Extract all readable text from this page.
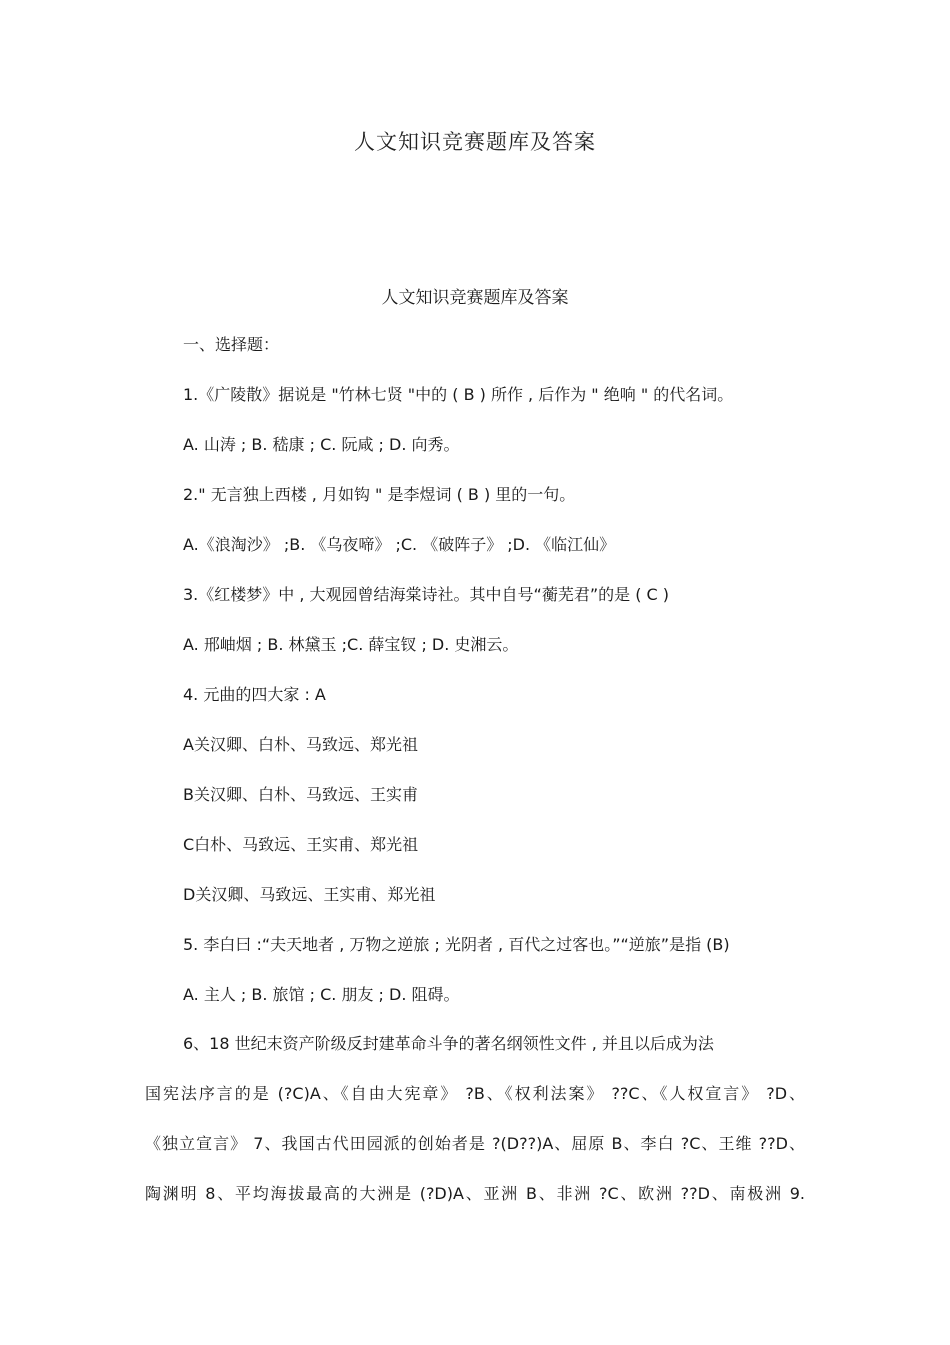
人文知识竞赛题库及答案
人文知识竞赛题库及答案
一、选择题：
1.《广陵散》据说是 "竹林七贤 "中的 ( B ) 所作 , 后作为 " 绝响 " 的代名词。
A. 山涛 ; B. 嵇康 ; C. 阮咸 ; D. 向秀。
2." 无言独上西楼 , 月如钩 " 是李煜词 ( B ) 里的一句。
A.《浪淘沙》 ;B. 《乌夜啼》 ;C. 《破阵子》 ;D. 《临江仙》
3.《红楼梦》中 , 大观园曾结海棠诗社。其中自号“蘅芜君”的是 ( C )
A. 邢岫烟 ; B. 林黛玉 ;C. 薛宝钗 ; D. 史湘云。
4. 元曲的四大家 : A
A关汉卿、白朴、马致远、郑光祖
B关汉卿、白朴、马致远、王实甫
C白朴、马致远、王实甫、郑光祖
D关汉卿、马致远、王实甫、郑光祖
5. 李白曰 :“夫天地者 , 万物之逆旅 ; 光阴者 , 百代之过客也。”“逆旅”是指 (B)
A. 主人 ; B. 旅馆 ; C. 朋友 ; D. 阻碍。
6、18 世纪末资产阶级反封建革命斗争的著名纲领性文件 , 并且以后成为法
国宪法序言的是 (?C)A、《自由大宪章》 ?B、《权利法案》 ??C、《人权宣言》 ?D、
《独立宣言》 7、我国古代田园派的创始者是 ?(D??)A、屈原 B、李白 ?C、王维 ??D、
陶渊明 8、平均海拔最高的大洲是 (?D)A、亚洲 B、非洲 ?C、欧洲 ??D、南极洲 9.
